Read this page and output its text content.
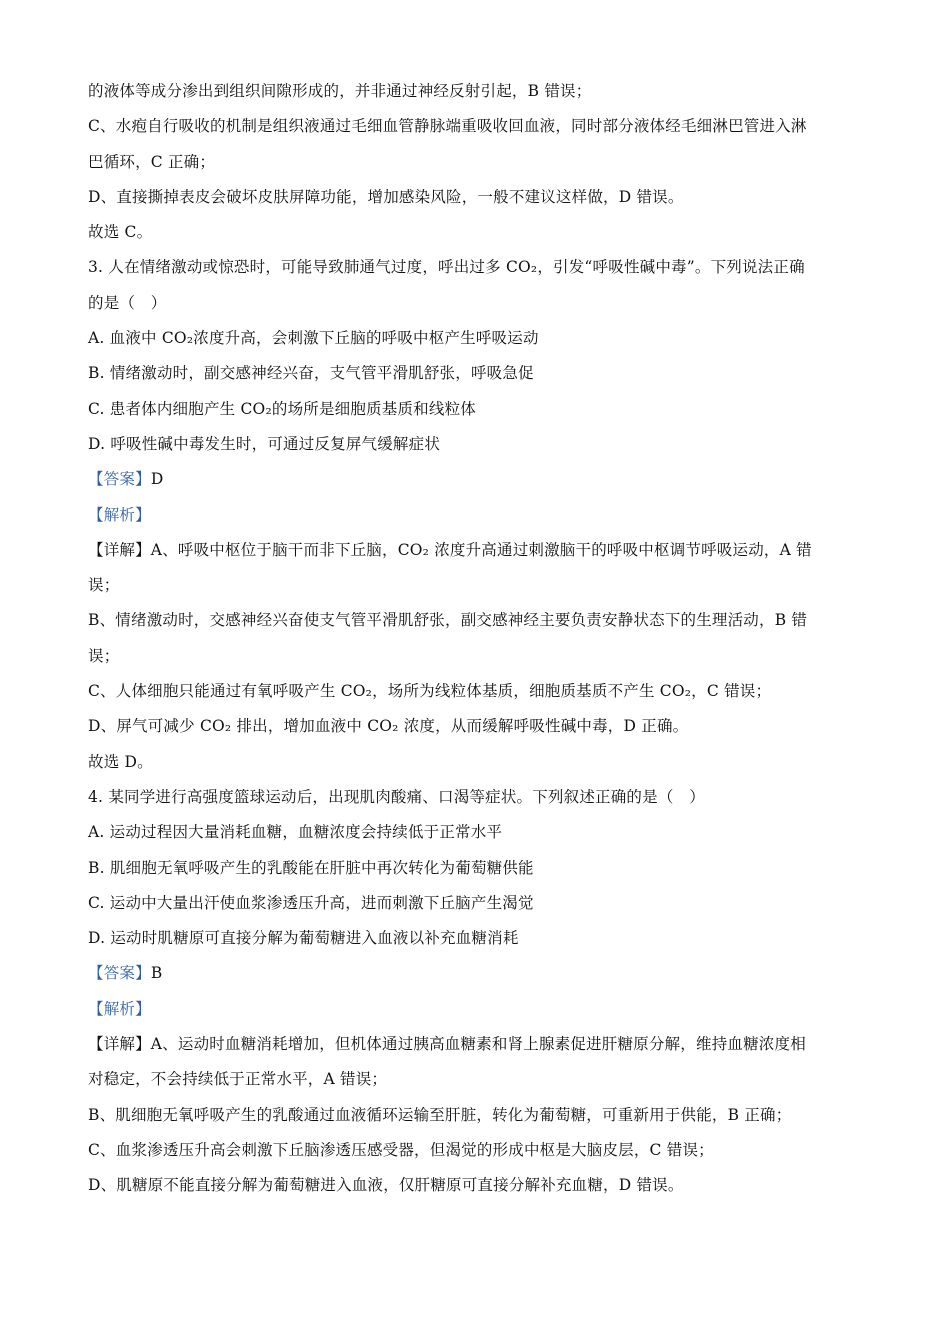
的液体等成分渗出到组织间隙形成的，并非通过神经反射引起，B 错误；
C、水疱自行吸收的机制是组织液通过毛细血管静脉端重吸收回血液，同时部分液体经毛细淋巴管进入淋
巴循环，C 正确；
D、直接撕掉表皮会破坏皮肤屏障功能，增加感染风险，一般不建议这样做，D 错误。
故选 C。
3. 人在情绪激动或惊恐时，可能导致肺通气过度，呼出过多 CO₂，引发“呼吸性碱中毒”。下列说法正确
的是（　）
A. 血液中 CO₂浓度升高，会刺激下丘脑的呼吸中枢产生呼吸运动
B. 情绪激动时，副交感神经兴奋，支气管平滑肌舒张，呼吸急促
C. 患者体内细胞产生 CO₂的场所是细胞质基质和线粒体
D. 呼吸性碱中毒发生时，可通过反复屏气缓解症状
【答案】D
【解析】
【详解】A、呼吸中枢位于脑干而非下丘脑，CO₂ 浓度升高通过刺激脑干的呼吸中枢调节呼吸运动，A 错
误；
B、情绪激动时，交感神经兴奋使支气管平滑肌舒张，副交感神经主要负责安静状态下的生理活动，B 错
误；
C、人体细胞只能通过有氧呼吸产生 CO₂，场所为线粒体基质，细胞质基质不产生 CO₂，C 错误；
D、屏气可减少 CO₂ 排出，增加血液中 CO₂ 浓度，从而缓解呼吸性碱中毒，D 正确。
故选 D。
4. 某同学进行高强度篮球运动后，出现肌肉酸痛、口渴等症状。下列叙述正确的是（　）
A. 运动过程因大量消耗血糖，血糖浓度会持续低于正常水平
B. 肌细胞无氧呼吸产生的乳酸能在肝脏中再次转化为葡萄糖供能
C. 运动中大量出汗使血浆渗透压升高，进而刺激下丘脑产生渴觉
D. 运动时肌糖原可直接分解为葡萄糖进入血液以补充血糖消耗
【答案】B
【解析】
【详解】A、运动时血糖消耗增加，但机体通过胰高血糖素和肾上腺素促进肝糖原分解，维持血糖浓度相
对稳定，不会持续低于正常水平，A 错误；
B、肌细胞无氧呼吸产生的乳酸通过血液循环运输至肝脏，转化为葡萄糖，可重新用于供能，B 正确；
C、血浆渗透压升高会刺激下丘脑渗透压感受器，但渴觉的形成中枢是大脑皮层，C 错误；
D、肌糖原不能直接分解为葡萄糖进入血液，仅肝糖原可直接分解补充血糖，D 错误。
